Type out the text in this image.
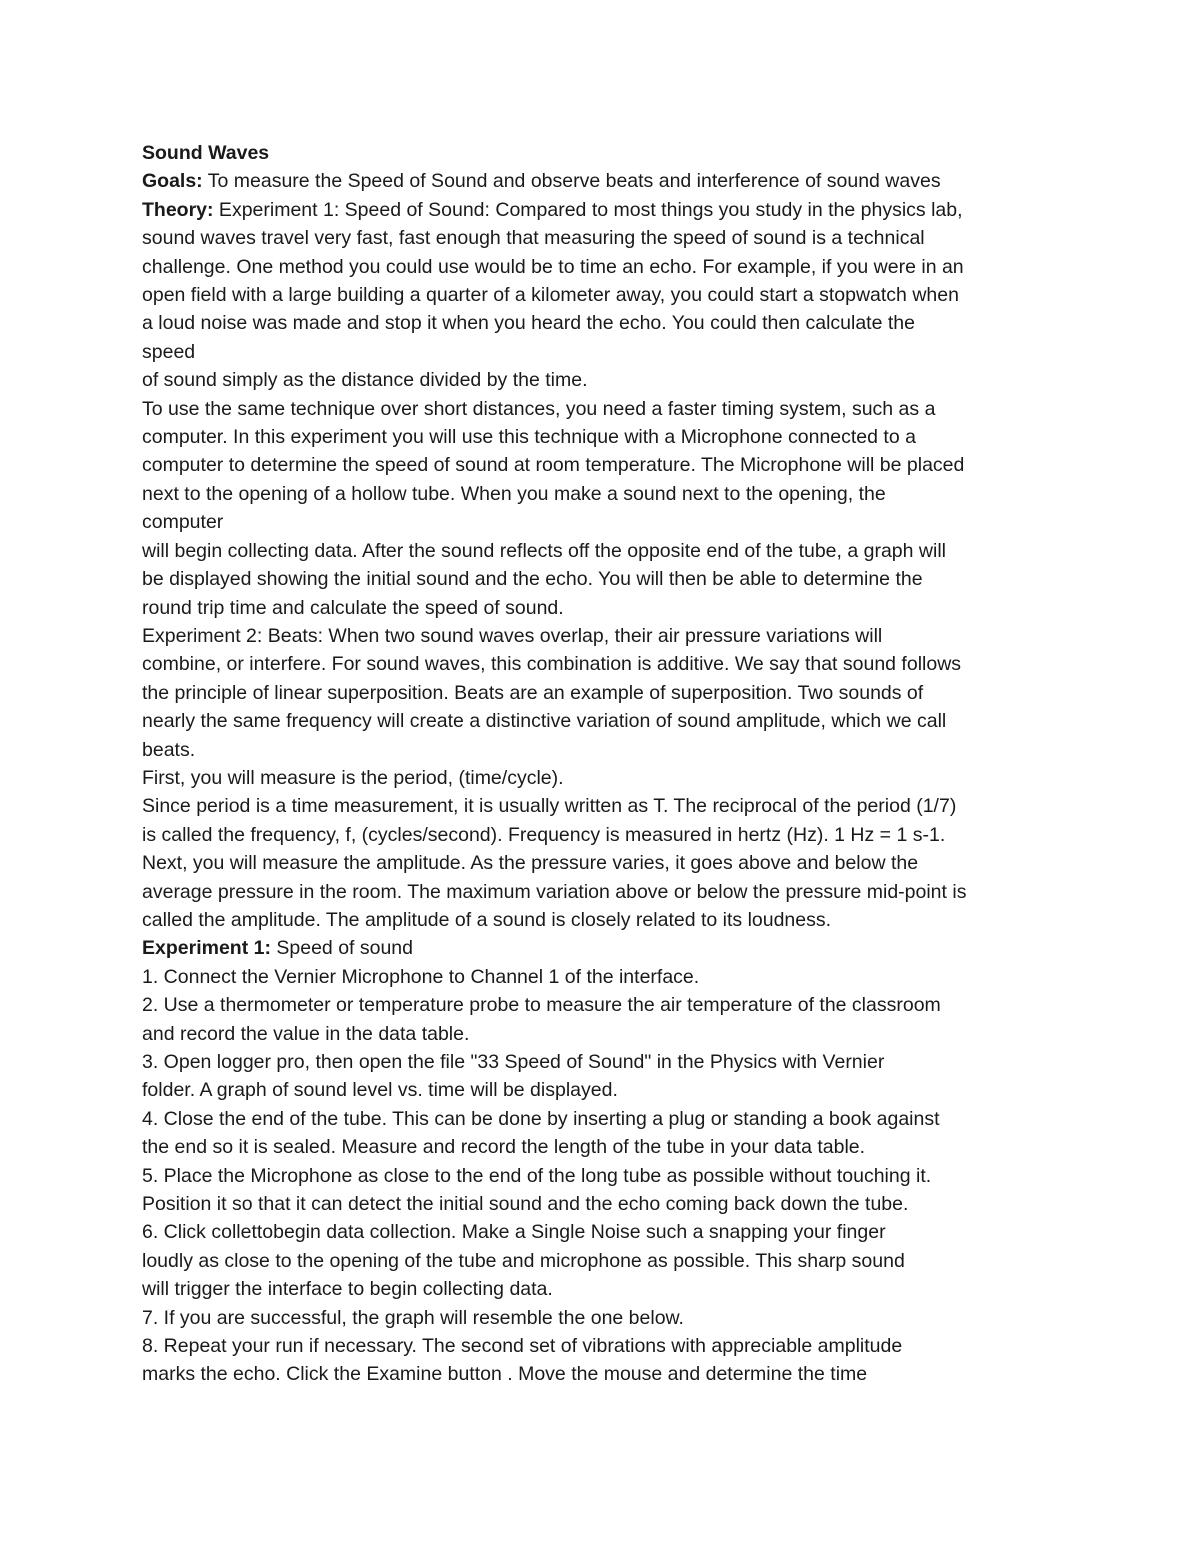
Sound Waves
Goals: To measure the Speed of Sound and observe beats and interference of sound waves
Theory: Experiment 1: Speed of Sound: Compared to most things you study in the physics lab,
sound waves travel very fast, fast enough that measuring the speed of sound is a technical
challenge. One method you could use would be to time an echo. For example, if you were in an
open field with a large building a quarter of a kilometer away, you could start a stopwatch when
a loud noise was made and stop it when you heard the echo. You could then calculate the
speed
of sound simply as the distance divided by the time.
To use the same technique over short distances, you need a faster timing system, such as a
computer. In this experiment you will use this technique with a Microphone connected to a
computer to determine the speed of sound at room temperature. The Microphone will be placed
next to the opening of a hollow tube. When you make a sound next to the opening, the
computer
will begin collecting data. After the sound reflects off the opposite end of the tube, a graph will
be displayed showing the initial sound and the echo. You will then be able to determine the
round trip time and calculate the speed of sound.
Experiment 2: Beats: When two sound waves overlap, their air pressure variations will
combine, or interfere. For sound waves, this combination is additive. We say that sound follows
the principle of linear superposition. Beats are an example of superposition. Two sounds of
nearly the same frequency will create a distinctive variation of sound amplitude, which we call
beats.
First, you will measure is the period, (time/cycle).
Since period is a time measurement, it is usually written as T. The reciprocal of the period (1/7)
is called the frequency, f, (cycles/second). Frequency is measured in hertz (Hz). 1 Hz = 1 s-1.
Next, you will measure the amplitude. As the pressure varies, it goes above and below the
average pressure in the room. The maximum variation above or below the pressure mid-point is
called the amplitude. The amplitude of a sound is closely related to its loudness.
Experiment 1: Speed of sound
1. Connect the Vernier Microphone to Channel 1 of the interface.
2. Use a thermometer or temperature probe to measure the air temperature of the classroom
and record the value in the data table.
3. Open logger pro, then open the file "33 Speed of Sound" in the Physics with Vernier
folder. A graph of sound level vs. time will be displayed.
4. Close the end of the tube. This can be done by inserting a plug or standing a book against
the end so it is sealed. Measure and record the length of the tube in your data table.
5. Place the Microphone as close to the end of the long tube as possible without touching it.
Position it so that it can detect the initial sound and the echo coming back down the tube.
6. Click collettobegin data collection. Make a Single Noise such a snapping your finger
loudly as close to the opening of the tube and microphone as possible. This sharp sound
will trigger the interface to begin collecting data.
7. If you are successful, the graph will resemble the one below.
8. Repeat your run if necessary. The second set of vibrations with appreciable amplitude
marks the echo. Click the Examine button . Move the mouse and determine the time
